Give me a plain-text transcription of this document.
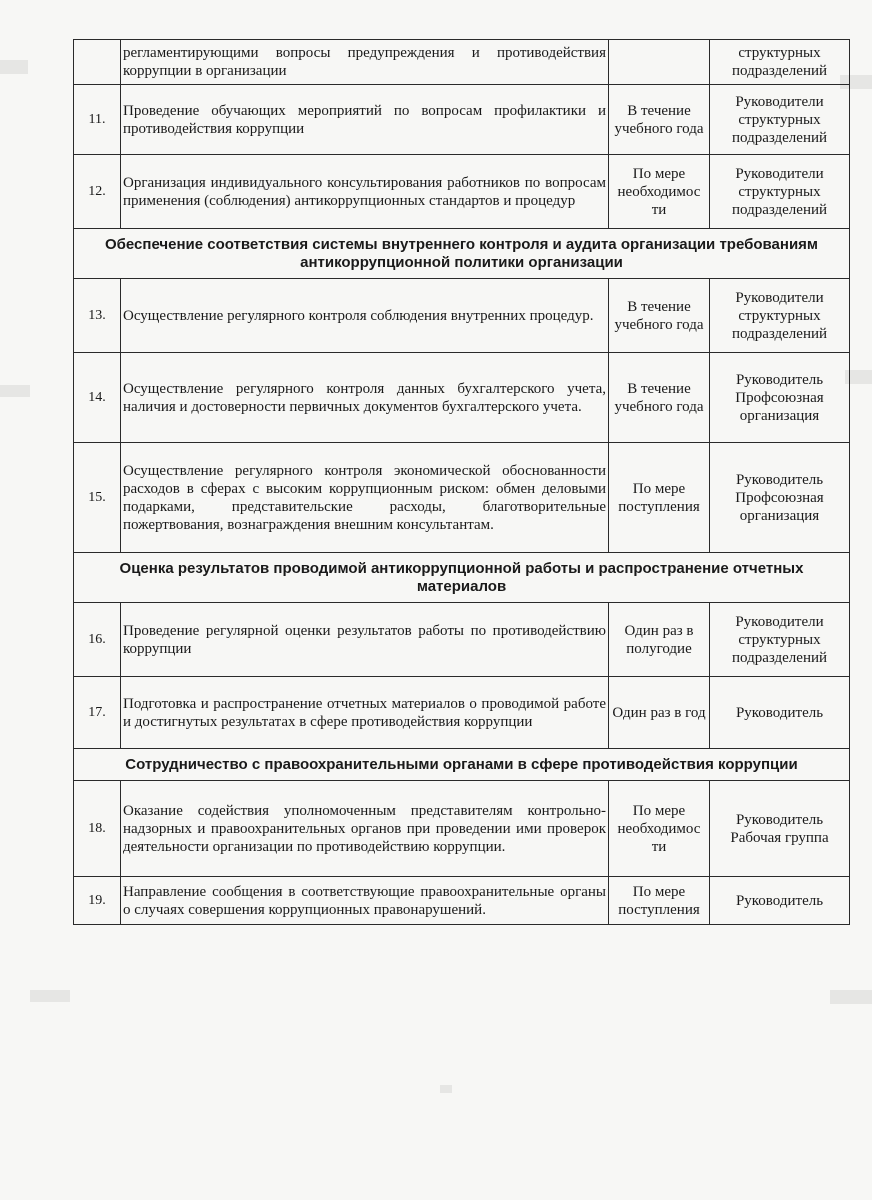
	регламентирующими вопросы предупреждения и противодействия коррупции в организации		структурных подразделений
11.	Проведение обучающих мероприятий по вопросам профилактики и противодействия коррупции	В течение учебного года	Руководители структурных подразделений
12.	Организация индивидуального консультирования работников по вопросам применения (соблюдения) антикоррупционных стандартов и процедур	По мере необходимос ти	Руководители структурных подразделений
Обеспечение соответствия системы внутреннего контроля и аудита организации требованиям антикоррупционной политики организации			
13.	Осуществление регулярного контроля соблюдения внутренних процедур.	В течение учебного года	Руководители структурных подразделений
14.	Осуществление регулярного контроля данных бухгалтерского учета, наличия и достоверности первичных документов бухгалтерского учета.	В течение учебного года	Руководитель Профсоюзная организация
15.	Осуществление регулярного контроля экономической обоснованности расходов в сферах с высоким коррупционным риском: обмен деловыми подарками, представительские расходы, благотворительные пожертвования, вознаграждения внешним консультантам.	По мере поступления	Руководитель Профсоюзная организация
Оценка результатов проводимой антикоррупционной работы и распространение отчетных материалов			
16.	Проведение регулярной оценки результатов работы по противодействию коррупции	Один раз в полугодие	Руководители структурных подразделений
17.	Подготовка и распространение отчетных материалов о проводимой работе и достигнутых результатах в сфере противодействия коррупции	Один раз в год	Руководитель
Сотрудничество с правоохранительными органами в сфере противодействия коррупции			
18.	Оказание содействия уполномоченным представителям контрольно-надзорных и правоохранительных органов при проведении ими проверок деятельности организации по противодействию коррупции.	По мере необходимос ти	Руководитель Рабочая группа
19.	Направление сообщения в соответствующие правоохранительные органы о случаях совершения коррупционных правонарушений.	По мере поступления	Руководитель
